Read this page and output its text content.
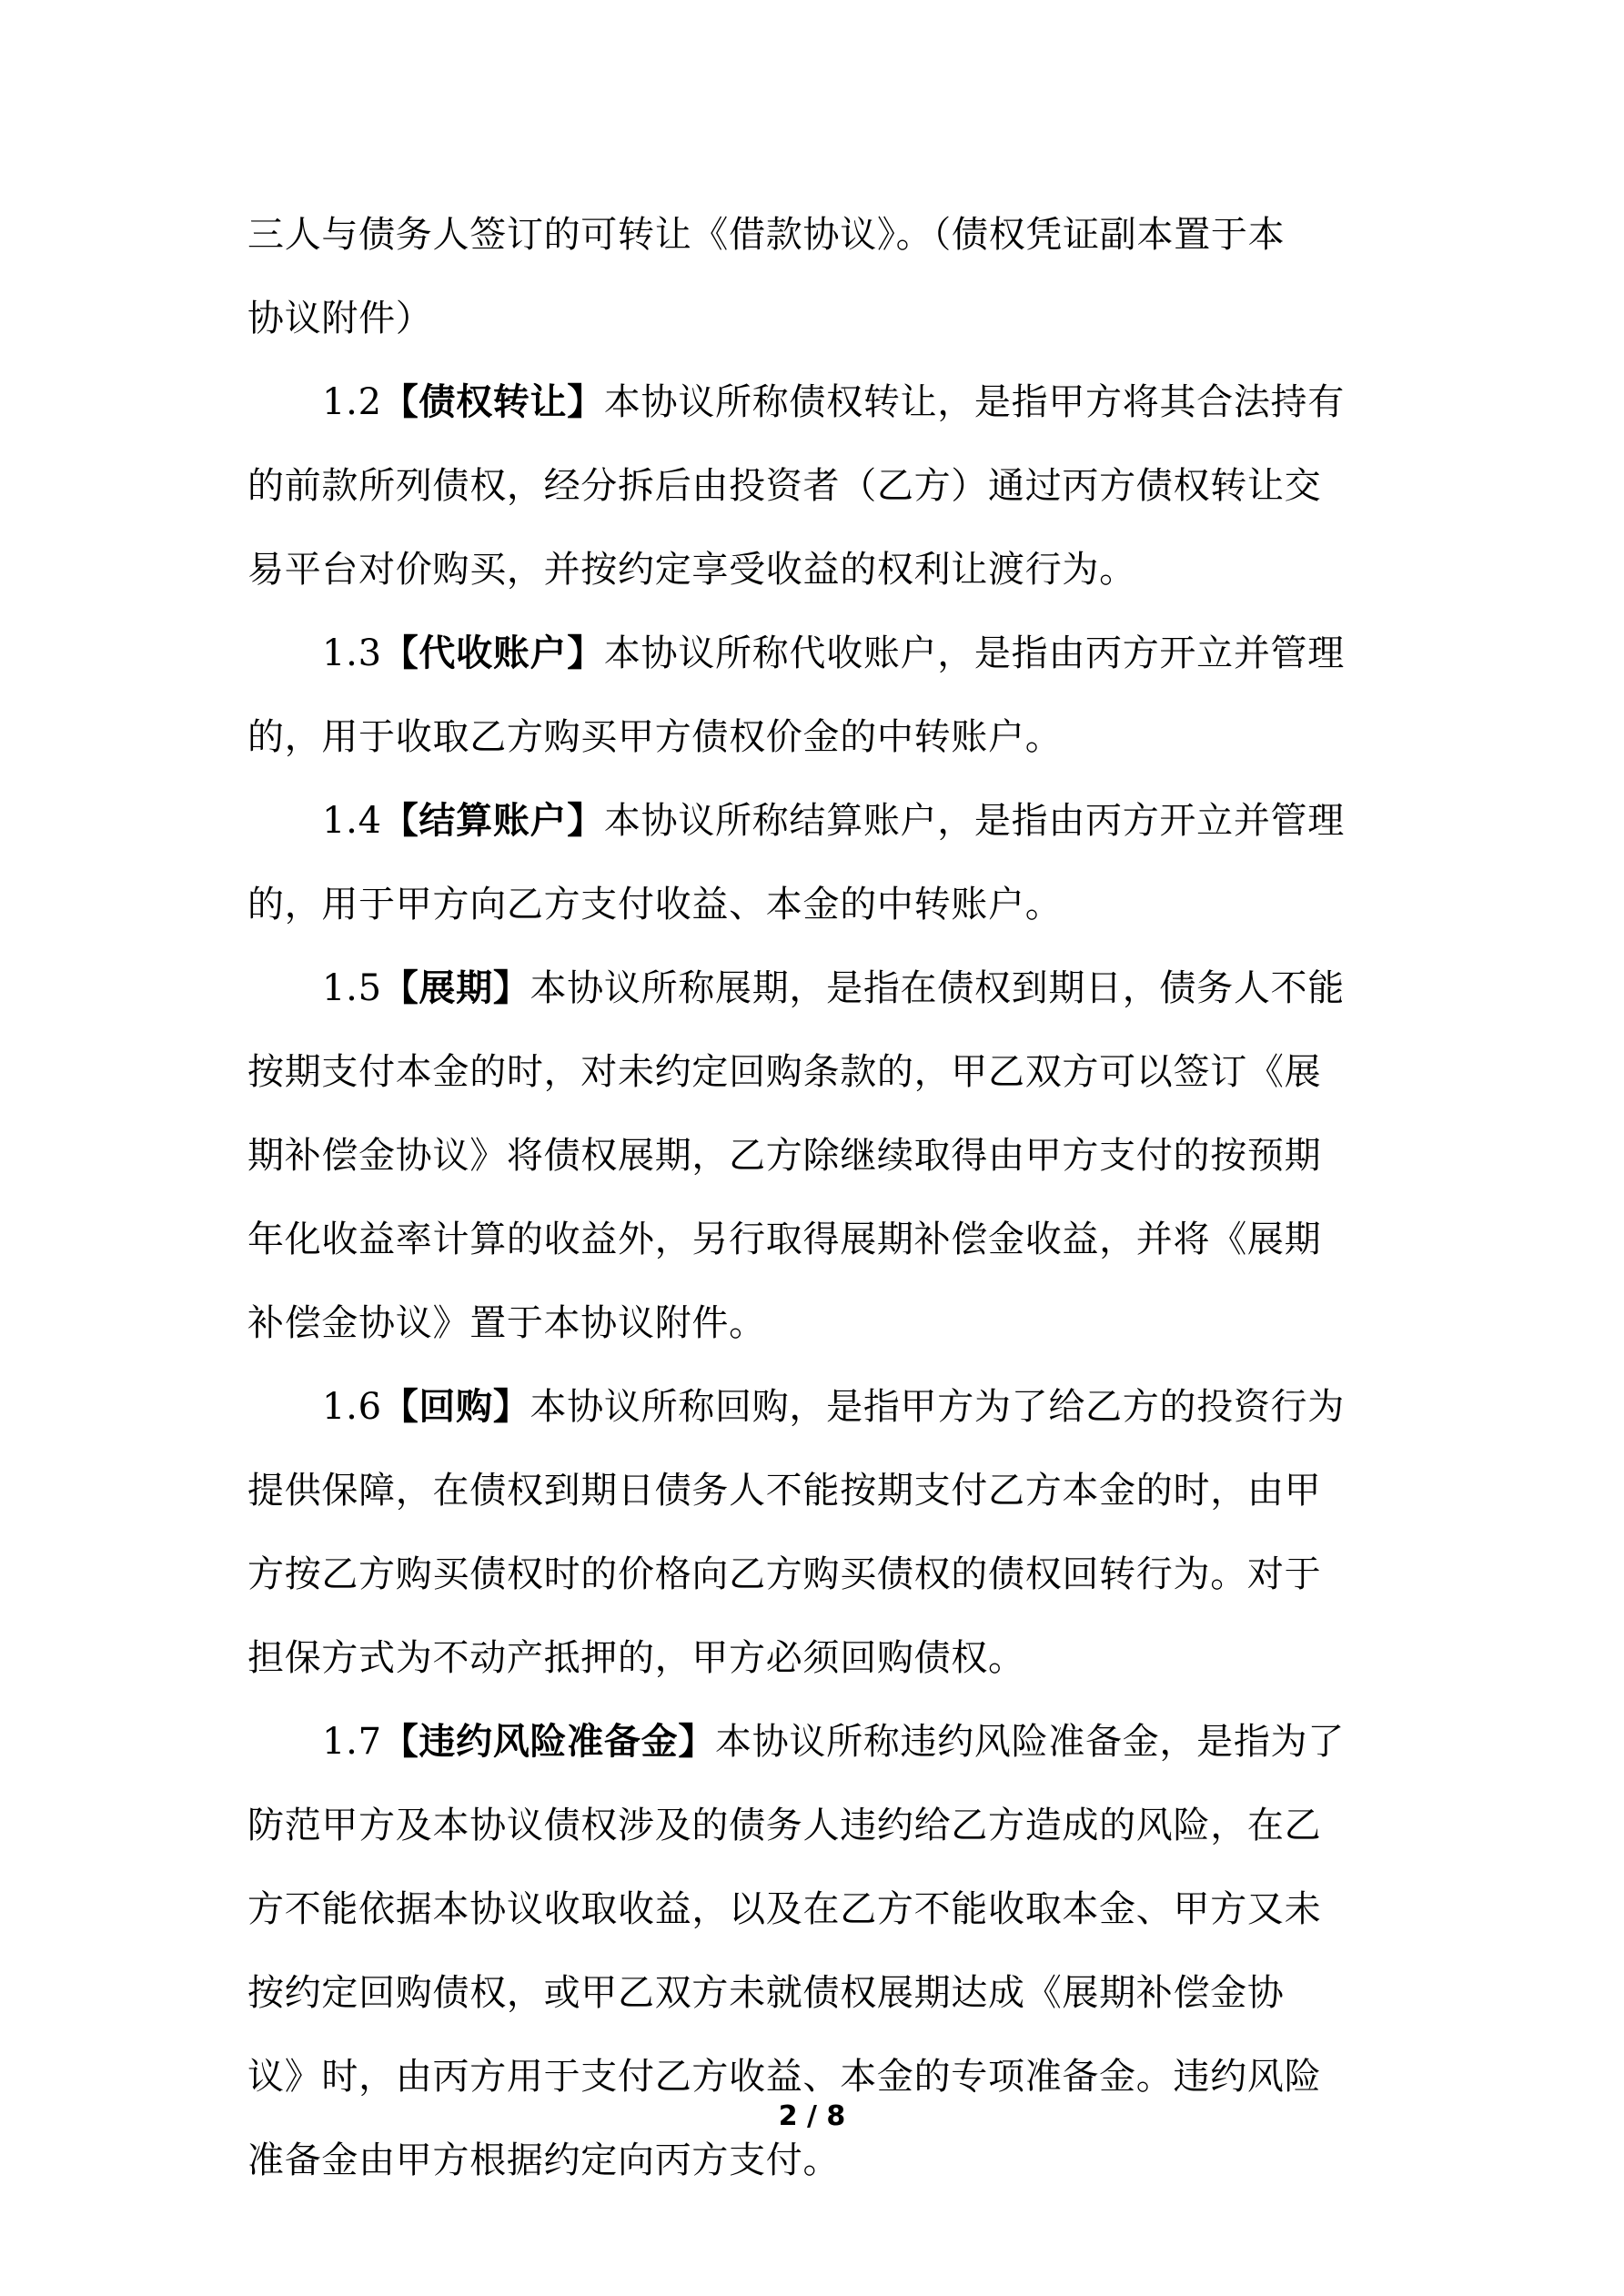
三人与债务人签订的可转让《借款协议》。（债权凭证副本置于本
协议附件）
1.2【债权转让】本协议所称债权转让，是指甲方将其合法持有
的前款所列债权，经分拆后由投资者（乙方）通过丙方债权转让交
易平台对价购买，并按约定享受收益的权利让渡行为。
1.3【代收账户】本协议所称代收账户，是指由丙方开立并管理
的，用于收取乙方购买甲方债权价金的中转账户。
1.4【结算账户】本协议所称结算账户，是指由丙方开立并管理
的，用于甲方向乙方支付收益、本金的中转账户。
1.5【展期】本协议所称展期，是指在债权到期日，债务人不能
按期支付本金的时，对未约定回购条款的，甲乙双方可以签订《展
期补偿金协议》将债权展期，乙方除继续取得由甲方支付的按预期
年化收益率计算的收益外，另行取得展期补偿金收益，并将《展期
补偿金协议》置于本协议附件。
1.6【回购】本协议所称回购，是指甲方为了给乙方的投资行为
提供保障，在债权到期日债务人不能按期支付乙方本金的时，由甲
方按乙方购买债权时的价格向乙方购买债权的债权回转行为。对于
担保方式为不动产抵押的，甲方必须回购债权。
1.7【违约风险准备金】本协议所称违约风险准备金，是指为了
防范甲方及本协议债权涉及的债务人违约给乙方造成的风险，在乙
方不能依据本协议收取收益，以及在乙方不能收取本金、甲方又未
按约定回购债权，或甲乙双方未就债权展期达成《展期补偿金协
议》时，由丙方用于支付乙方收益、本金的专项准备金。违约风险
准备金由甲方根据约定向丙方支付。
2 / 8
